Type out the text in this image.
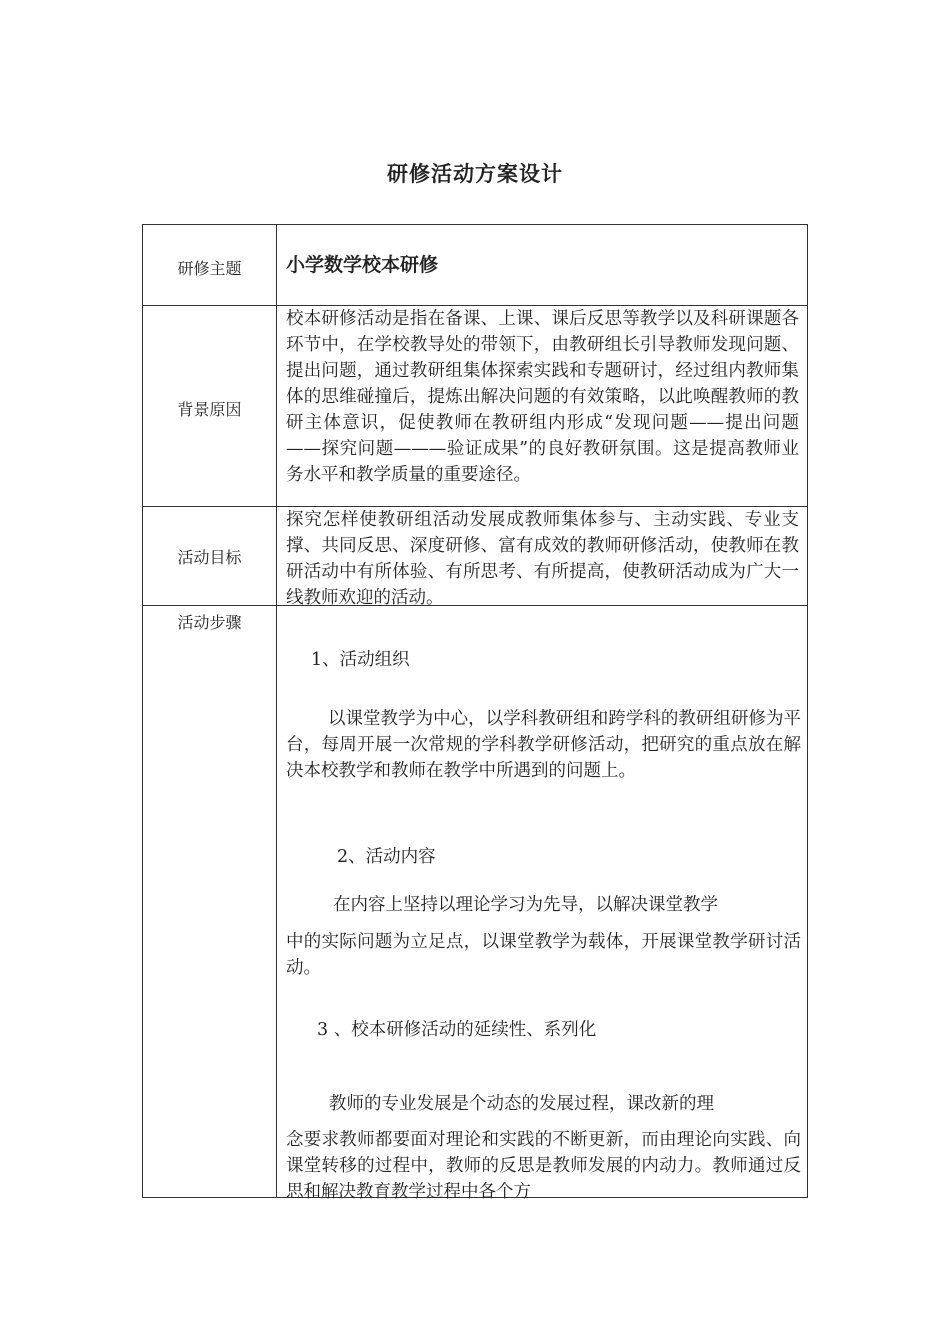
研修活动方案设计
研修主题	小学数学校本研修
背景原因
校本研修活动是指在备课、上课、课后反思等教学以及科研课题各环节中，在学校教导处的带领下，由教研组长引导教师发现问题、提出问题，通过教研组集体探索实践和专题研讨，经过组内教师集体的思维碰撞后，提炼出解决问题的有效策略，以此唤醒教师的教研主体意识，促使教师在教研组内形成“发现问题——提出问题——探究问题———验证成果”的良好教研氛围。这是提高教师业务水平和教学质量的重要途径。
活动目标
探究怎样使教研组活动发展成教师集体参与、主动实践、专业支撑、共同反思、深度研修、富有成效的教师研修活动，使教师在教研活动中有所体验、有所思考、有所提高，使教研活动成为广大一线教师欢迎的活动。
活动步骤
1、活动组织
以课堂教学为中心，以学科教研组和跨学科的教研组研修为平台，每周开展一次常规的学科教学研修活动，把研究的重点放在解决本校教学和教师在教学中所遇到的问题上。
2、活动内容
在内容上坚持以理论学习为先导，以解决课堂教学
中的实际问题为立足点，以课堂教学为载体，开展课堂教学研讨活动。
3 、校本研修活动的延续性、系列化
教师的专业发展是个动态的发展过程，课改新的理
念要求教师都要面对理论和实践的不断更新，而由理论向实践、向课堂转移的过程中，教师的反思是教师发展的内动力。教师通过反思和解决教育教学过程中各个方
